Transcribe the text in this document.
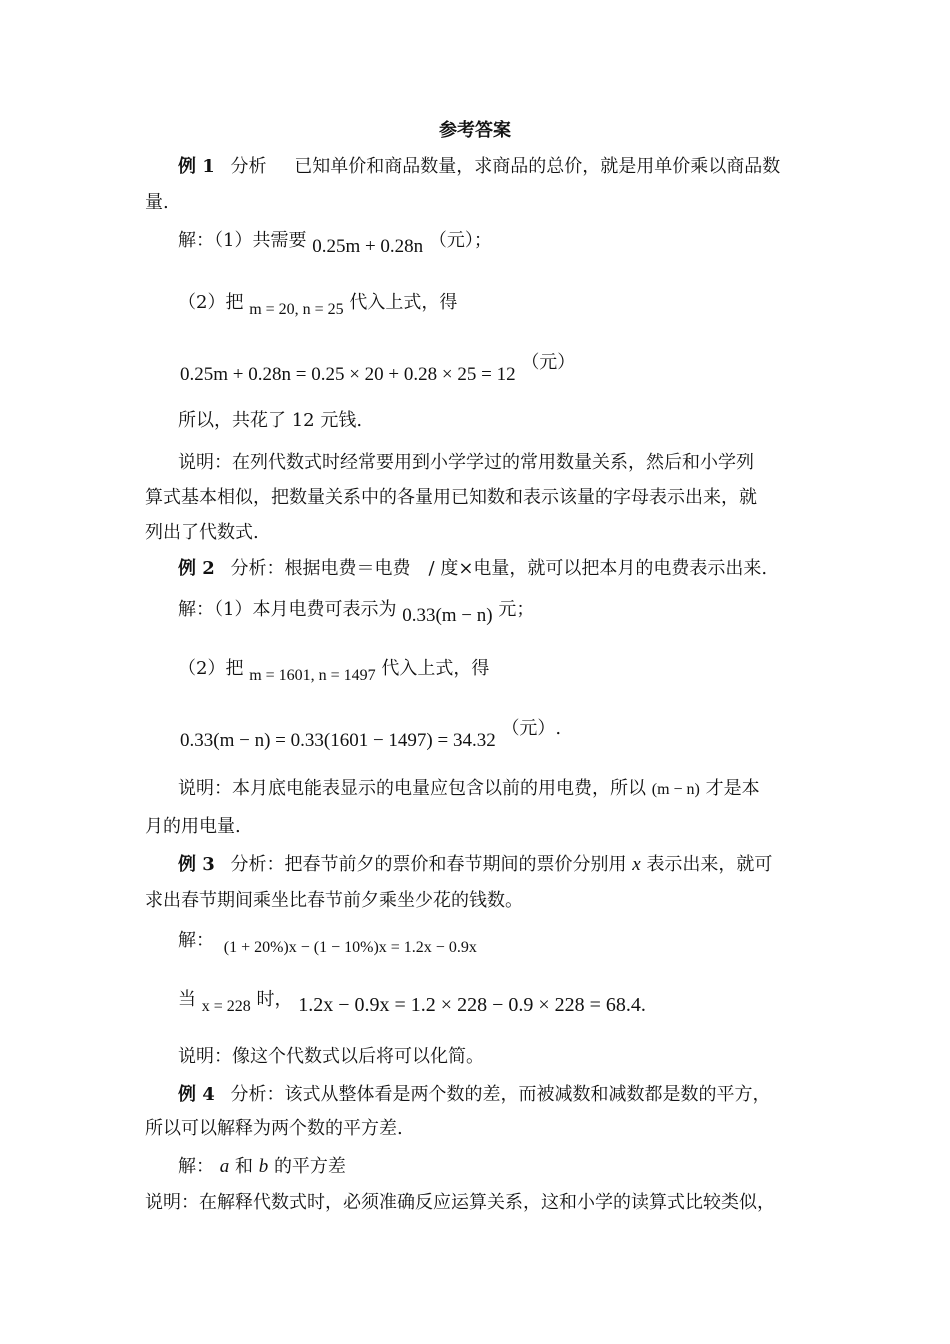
参考答案
例 1 分析 已知单价和商品数量，求商品的总价，就是用单价乘以商品数
量.
解：（1）共需要 0.25m + 0.28n （元）；
（2）把 m = 20, n = 25 代入上式，得
0.25m + 0.28n = 0.25 × 20 + 0.28 × 25 = 12 （元）
所以，共花了 12 元钱.
说明：在列代数式时经常要用到小学学过的常用数量关系，然后和小学列
算式基本相似，把数量关系中的各量用已知数和表示该量的字母表示出来，就
列出了代数式.
例 2 分析：根据电费＝电费　/ 度×电量，就可以把本月的电费表示出来.
解：（1）本月电费可表示为 0.33(m − n) 元；
（2）把 m = 1601, n = 1497 代入上式，得
0.33(m − n) = 0.33(1601 − 1497) = 34.32 （元）.
说明：本月底电能表显示的电量应包含以前的用电费，所以 (m − n) 才是本
月的用电量.
例 3 分析：把春节前夕的票价和春节期间的票价分别用 x 表示出来，就可
求出春节期间乘坐比春节前夕乘坐少花的钱数。
解： (1 + 20%)x − (1 − 10%)x = 1.2x − 0.9x
当 x = 228 时， 1.2x − 0.9x = 1.2 × 228 − 0.9 × 228 = 68.4.
说明：像这个代数式以后将可以化简。
例 4 分析：该式从整体看是两个数的差，而被减数和减数都是数的平方，
所以可以解释为两个数的平方差.
解： a 和 b 的平方差
说明：在解释代数式时，必须准确反应运算关系，这和小学的读算式比较类似，
